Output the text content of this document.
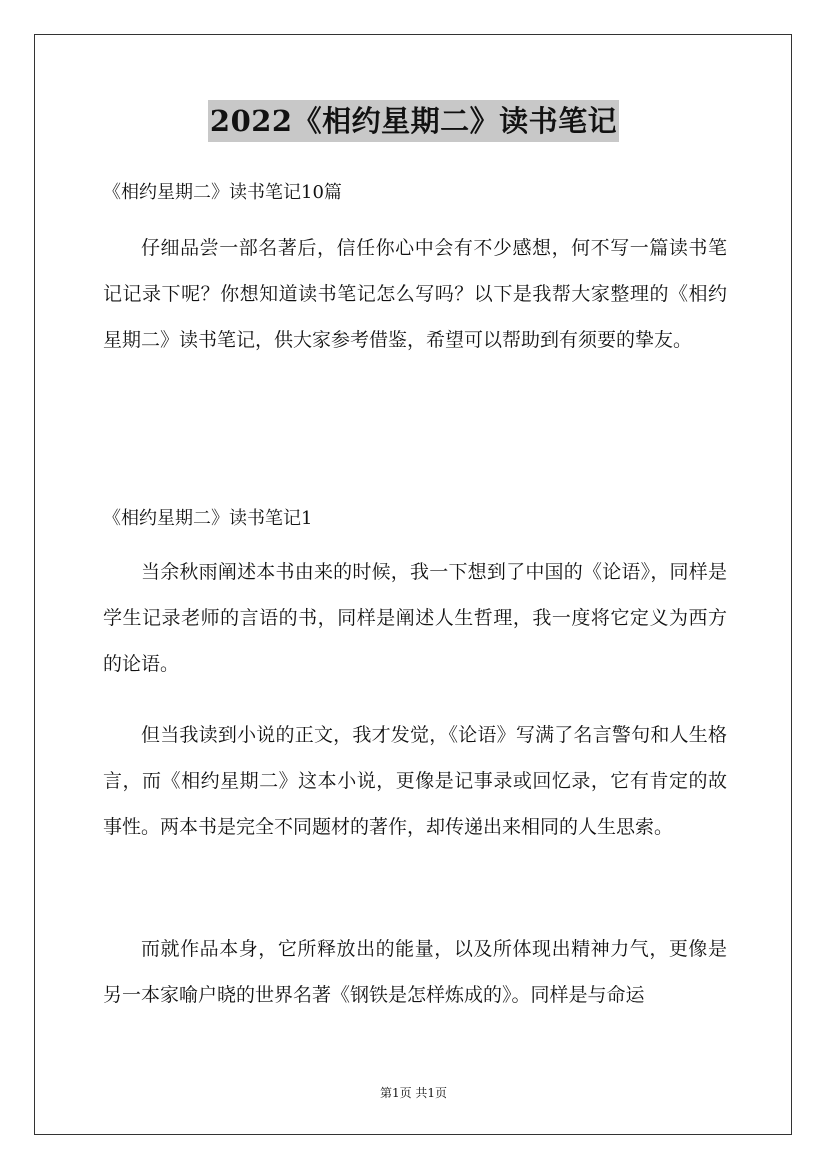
2022《相约星期二》读书笔记
《相约星期二》读书笔记10篇

仔细品尝一部名著后，信任你心中会有不少感想，何不写一篇读书笔记记录下呢？你想知道读书笔记怎么写吗？以下是我帮大家整理的《相约星期二》读书笔记，供大家参考借鉴，希望可以帮助到有须要的挚友。

《相约星期二》读书笔记1

当余秋雨阐述本书由来的时候，我一下想到了中国的《论语》，同样是学生记录老师的言语的书，同样是阐述人生哲理，我一度将它定义为西方的论语。

但当我读到小说的正文，我才发觉，《论语》写满了名言警句和人生格言，而《相约星期二》这本小说，更像是记事录或回忆录，它有肯定的故事性。两本书是完全不同题材的著作，却传递出来相同的人生思索。

而就作品本身，它所释放出的能量，以及所体现出精神力气，更像是另一本家喻户晓的世界名著《钢铁是怎样炼成的》。同样是与命运

第1页 共1页
